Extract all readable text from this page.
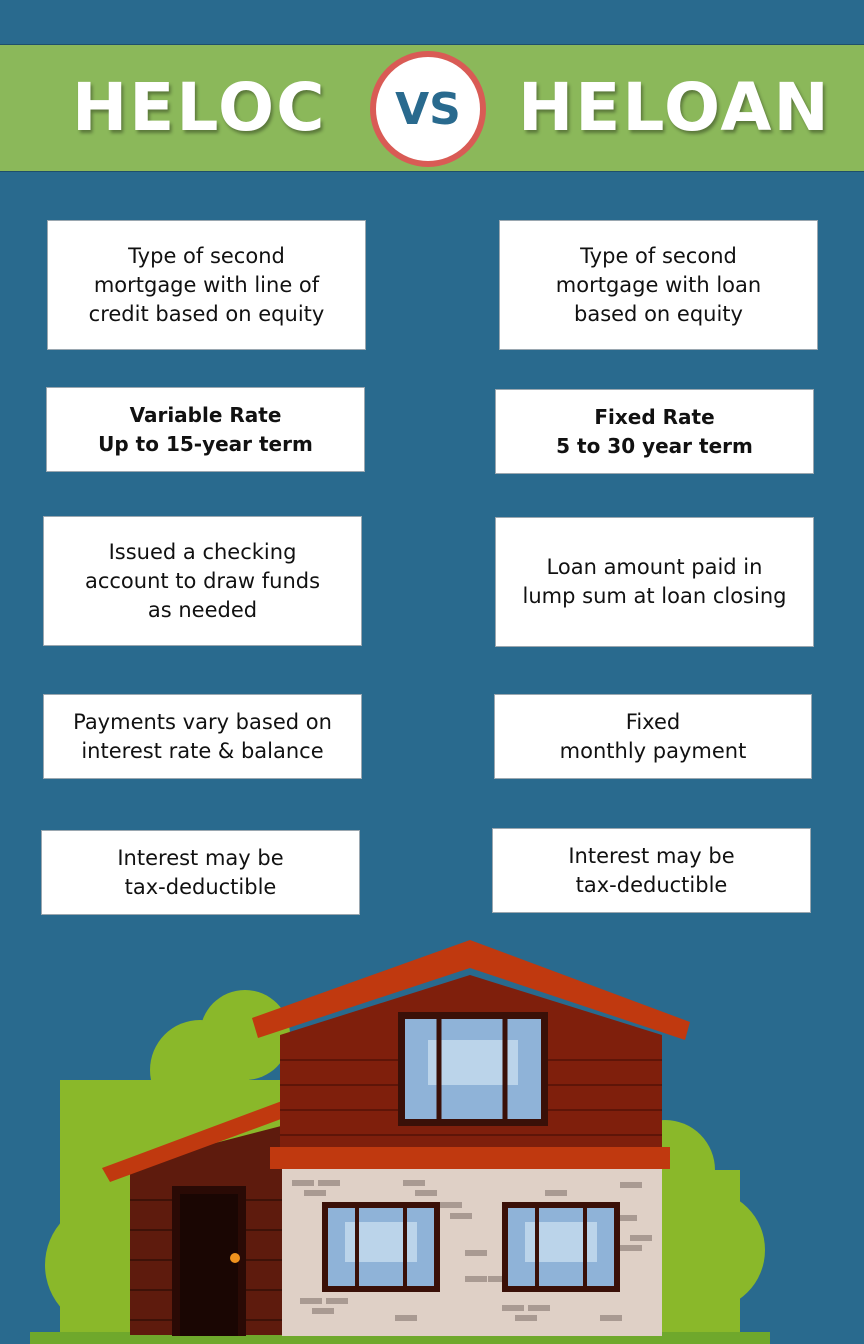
HELOC	VS HELOAN
Type of second
mortgage with line of
credit based on equity
Variable Rate
Up to 15-year term
Issued a checking
account to draw funds
as needed
Payments vary based on
interest rate & balance
Interest may be
tax-deductible
Type of second
mortgage with loan
based on equity
Fixed Rate
5 to 30 year term
Loan amount paid in
lump sum at loan closing
Fixed
monthly payment
Interest may be
tax-deductible
